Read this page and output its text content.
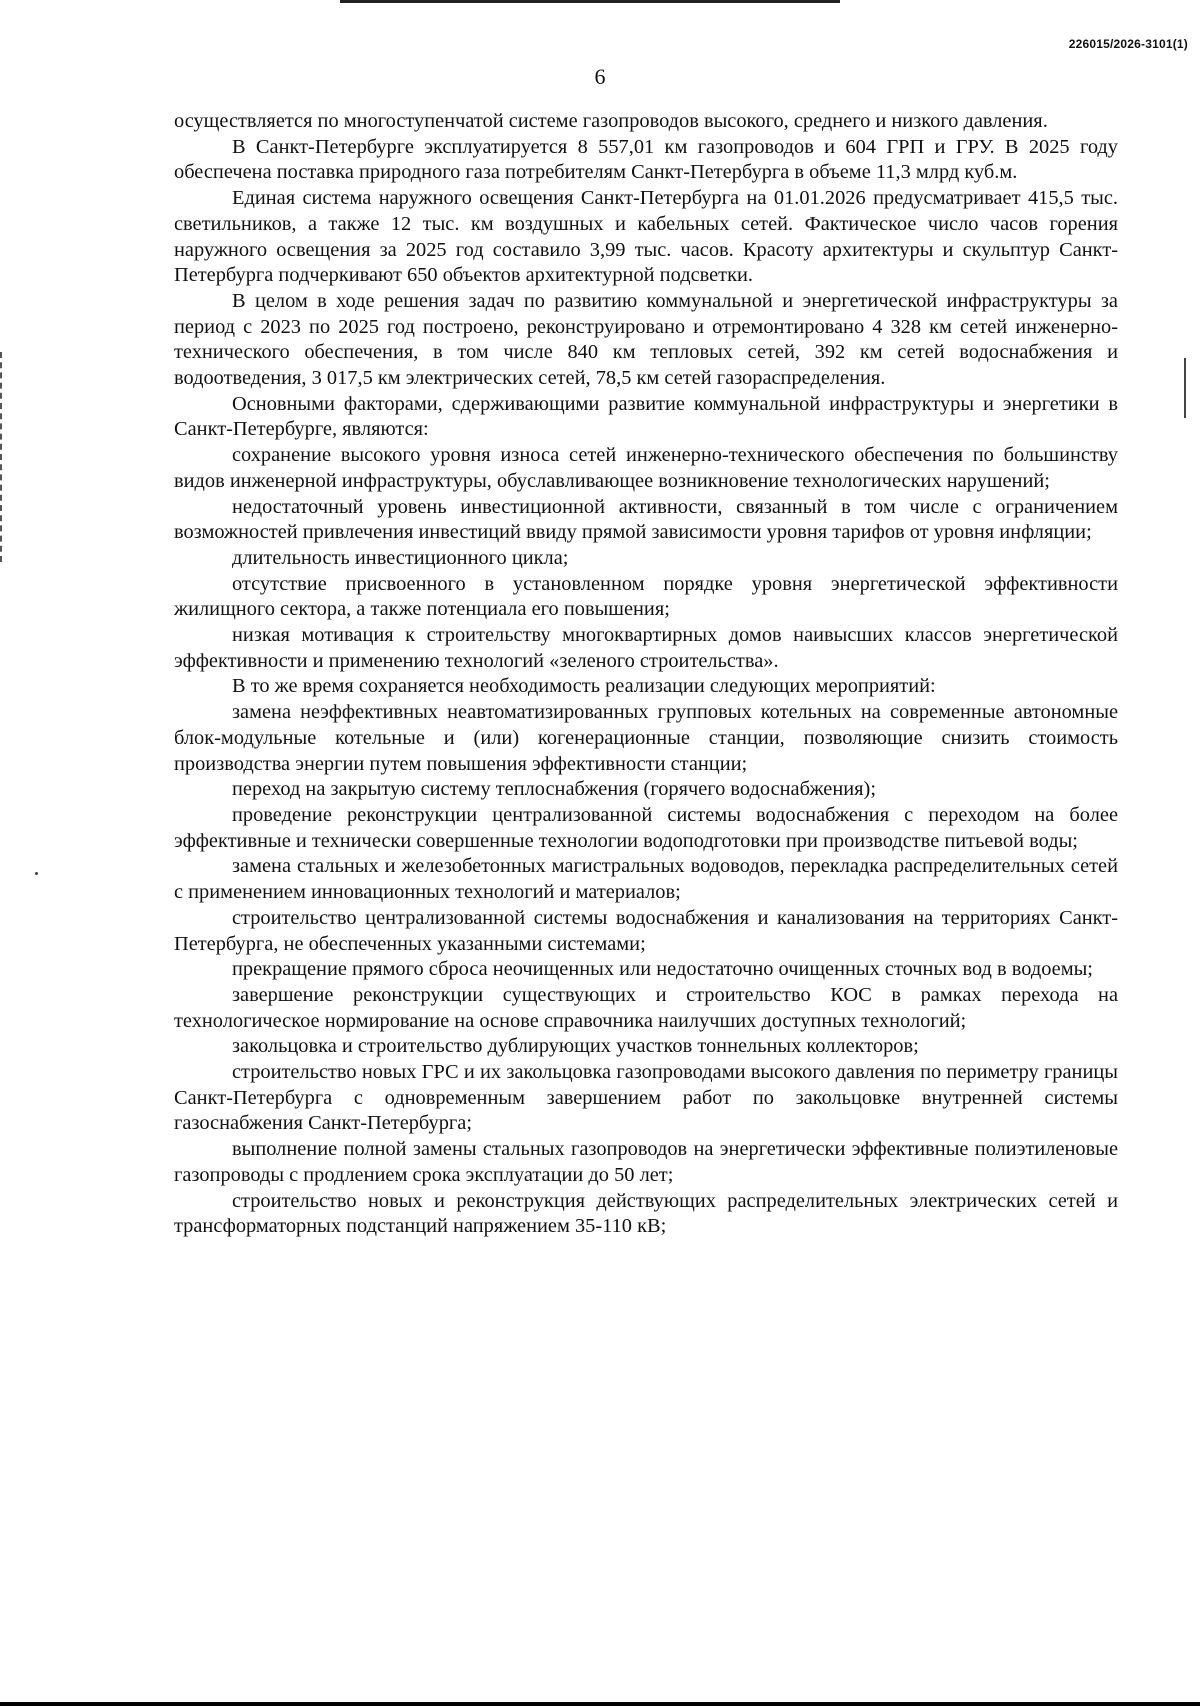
226015/2026-3101(1)
6

осуществляется по многоступенчатой системе газопроводов высокого, среднего и низкого давления.

В Санкт-Петербурге эксплуатируется 8 557,01 км газопроводов и 604 ГРП и ГРУ. В 2025 году обеспечена поставка природного газа потребителям Санкт-Петербурга в объеме 11,3 млрд куб.м.

Единая система наружного освещения Санкт-Петербурга на 01.01.2026 предусматривает 415,5 тыс. светильников, а также 12 тыс. км воздушных и кабельных сетей. Фактическое число часов горения наружного освещения за 2025 год составило 3,99 тыс. часов. Красоту архитектуры и скульптур Санкт-Петербурга подчеркивают 650 объектов архитектурной подсветки.

В целом в ходе решения задач по развитию коммунальной и энергетической инфраструктуры за период с 2023 по 2025 год построено, реконструировано и отремонтировано 4 328 км сетей инженерно-технического обеспечения, в том числе 840 км тепловых сетей, 392 км сетей водоснабжения и водоотведения, 3 017,5 км электрических сетей, 78,5 км сетей газораспределения.

Основными факторами, сдерживающими развитие коммунальной инфраструктуры и энергетики в Санкт-Петербурге, являются:

сохранение высокого уровня износа сетей инженерно-технического обеспечения по большинству видов инженерной инфраструктуры, обуславливающее возникновение технологических нарушений;

недостаточный уровень инвестиционной активности, связанный в том числе с ограничением возможностей привлечения инвестиций ввиду прямой зависимости уровня тарифов от уровня инфляции;

длительность инвестиционного цикла;

отсутствие присвоенного в установленном порядке уровня энергетической эффективности жилищного сектора, а также потенциала его повышения;

низкая мотивация к строительству многоквартирных домов наивысших классов энергетической эффективности и применению технологий «зеленого строительства».

В то же время сохраняется необходимость реализации следующих мероприятий:

замена неэффективных неавтоматизированных групповых котельных на современные автономные блок-модульные котельные и (или) когенерационные станции, позволяющие снизить стоимость производства энергии путем повышения эффективности станции;

переход на закрытую систему теплоснабжения (горячего водоснабжения);

проведение реконструкции централизованной системы водоснабжения с переходом на более эффективные и технически совершенные технологии водоподготовки при производстве питьевой воды;

замена стальных и железобетонных магистральных водоводов, перекладка распределительных сетей с применением инновационных технологий и материалов;

строительство централизованной системы водоснабжения и канализования на территориях Санкт-Петербурга, не обеспеченных указанными системами;

прекращение прямого сброса неочищенных или недостаточно очищенных сточных вод в водоемы;

завершение реконструкции существующих и строительство КОС в рамках перехода на технологическое нормирование на основе справочника наилучших доступных технологий;

закольцовка и строительство дублирующих участков тоннельных коллекторов;

строительство новых ГРС и их закольцовка газопроводами высокого давления по периметру границы Санкт-Петербурга с одновременным завершением работ по закольцовке внутренней системы газоснабжения Санкт-Петербурга;

выполнение полной замены стальных газопроводов на энергетически эффективные полиэтиленовые газопроводы с продлением срока эксплуатации до 50 лет;

строительство новых и реконструкция действующих распределительных электрических сетей и трансформаторных подстанций напряжением 35-110 кВ;
